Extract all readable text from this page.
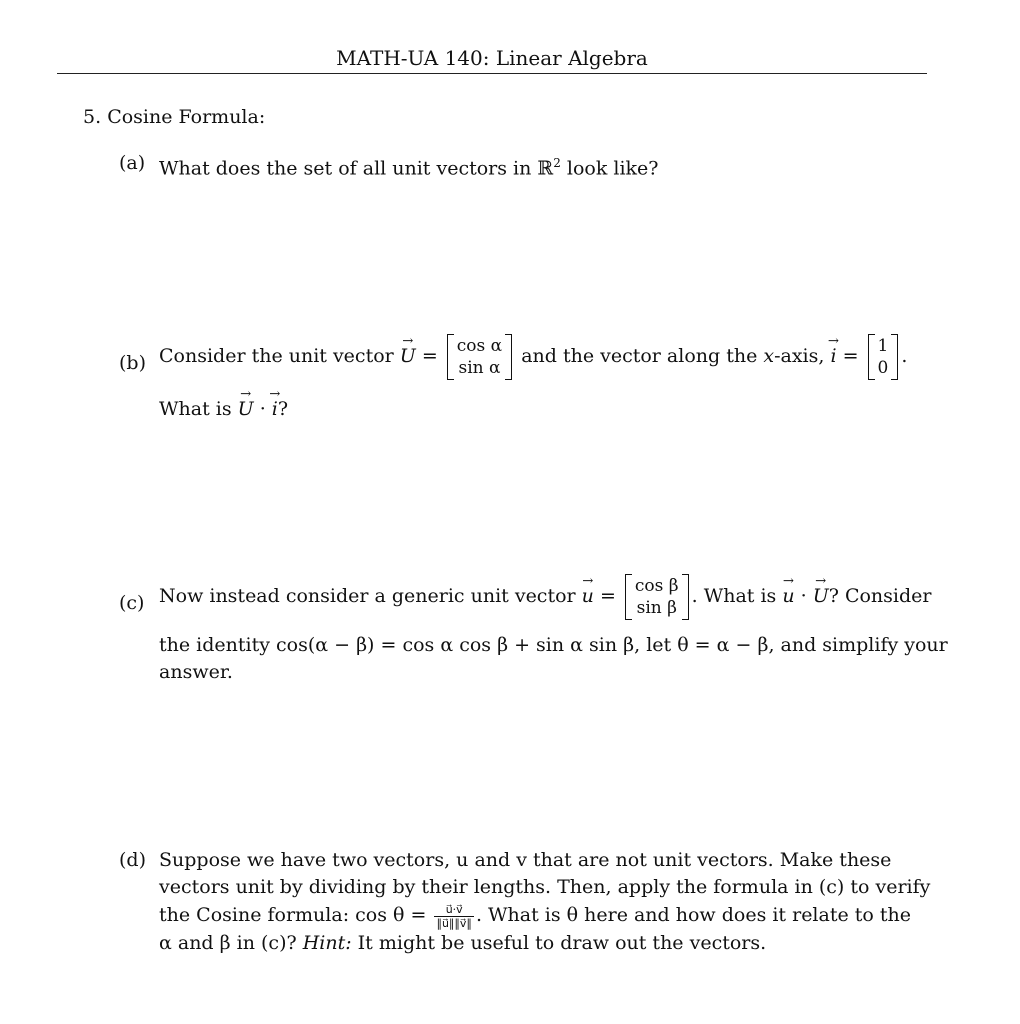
MATH-UA 140: Linear Algebra
5. Cosine Formula:
(a) What does the set of all unit vectors in ℝ$^2$ look like?
(b) Consider the unit vector
→
U = cos α
sin α
and the vector along the x-axis,
→
i = 1
0
.
What is
→
U ·
→
i?
(c) Now instead consider a generic unit vector
→
u = cos β
sin β
. What is
→
u ·
→
U? Consider
the identity cos(α − β) = cos α cos β + sin α sin β, let θ = α − β, and simplify your
answer.
(d) Suppose we have two vectors, u and v that are not unit vectors. Make these
vectors unit by dividing by their lengths. Then, apply the formula in (c) to verify
the Cosine formula: $\cos \theta = \frac{u⃗\cdot v⃗}{‖u⃗‖‖v⃗‖}$ . What is θ here and how does it relate to the
α and β in (c)? Hint: It might be useful to draw out the vectors.
